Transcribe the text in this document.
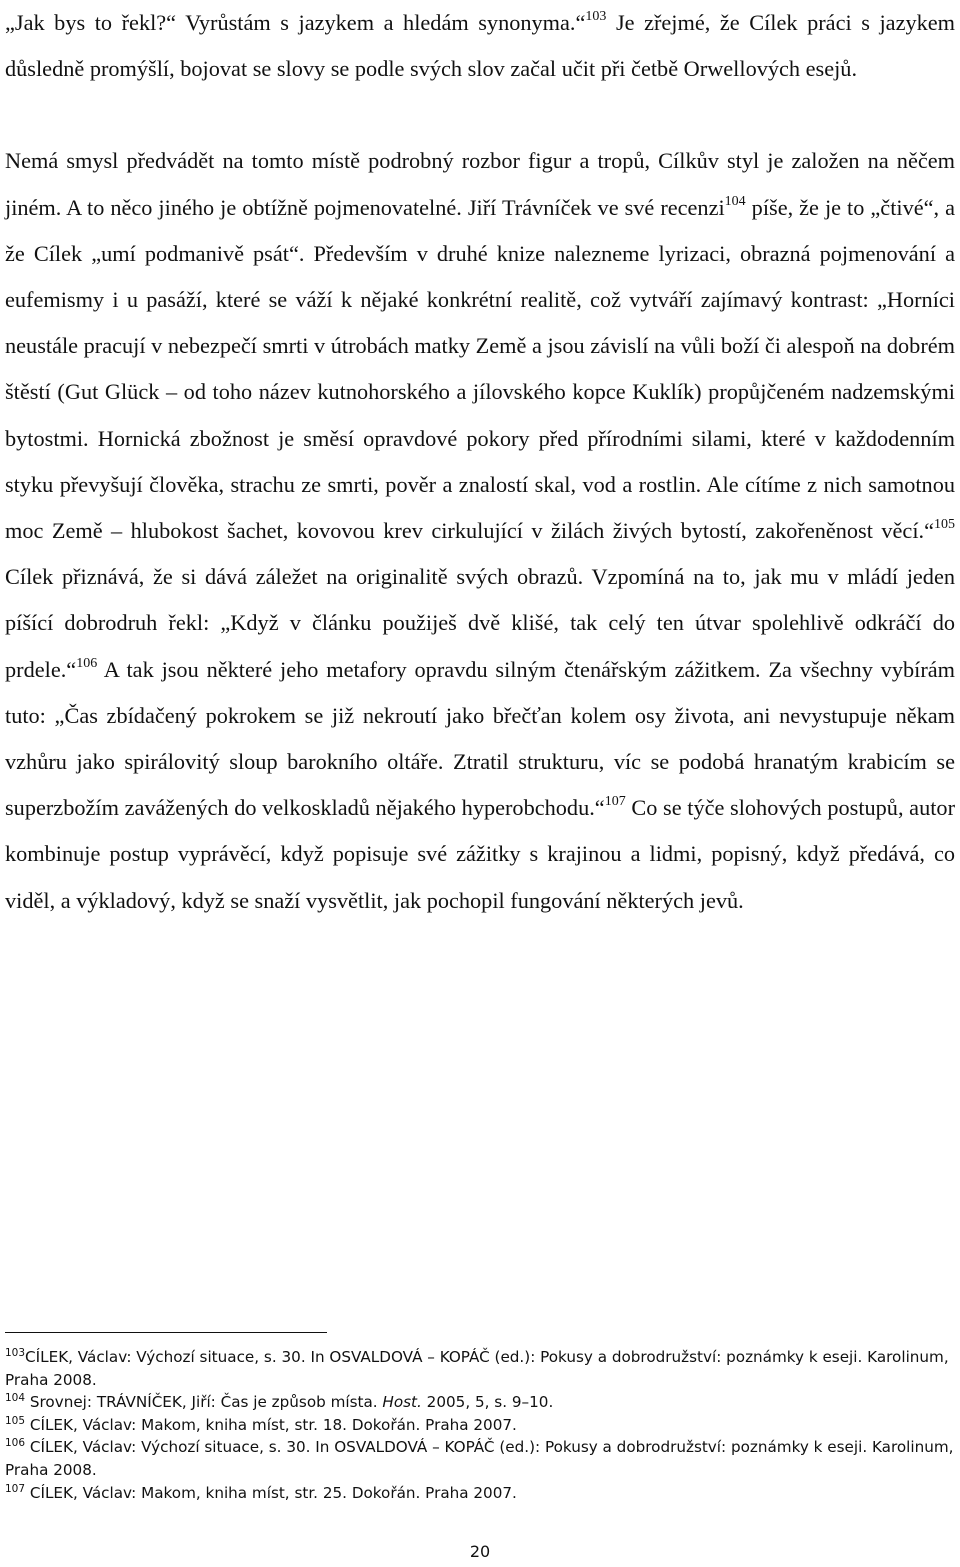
„Jak bys to řekl?“ Vyrůstám s jazykem a hledám synonyma.“$^{103}$ Je zřejmé, že Cílek práci s jazykem důsledně promýšlí, bojovat se slovy se podle svých slov začal učit při četbě Orwellových esejů.

Nemá smysl předvádět na tomto místě podrobný rozbor figur a tropů, Cílkův styl je založen na něčem jiném. A to něco jiného je obtížně pojmenovatelné. Jiří Trávníček ve své recenzi$^{104}$ píše, že je to „čtivé“, a že Cílek „umí podmanivě psát“. Především v druhé knize nalezneme lyrizaci, obrazná pojmenování a eufemismy i u pasáží, které se váží k nějaké konkrétní realitě, což vytváří zajímavý kontrast: „Horníci neustále pracují v nebezpečí smrti v útrobách matky Země a jsou závislí na vůli boží či alespoň na dobrém štěstí (Gut Glück – od toho název kutnohorského a jílovského kopce Kuklík) propůjčeném nadzemskými bytostmi. Hornická zbožnost je směsí opravdové pokory před přírodními silami, které v každodenním styku převyšují člověka, strachu ze smrti, pověr a znalostí skal, vod a rostlin. Ale cítíme z nich samotnou moc Země – hlubokost šachet, kovovou krev cirkulující v žilách živých bytostí, zakořeněnost věcí.“$^{105}$ Cílek přiznává, že si dává záležet na originalitě svých obrazů. Vzpomíná na to, jak mu v mládí jeden píšící dobrodruh řekl: „Když v článku použiješ dvě klišé, tak celý ten útvar spolehlivě odkráčí do prdele.“$^{106}$ A tak jsou některé jeho metafory opravdu silným čtenářským zážitkem. Za všechny vybírám tuto: „Čas zbídačený pokrokem se již nekroutí jako břečťan kolem osy života, ani nevystupuje někam vzhůru jako spirálovitý sloup barokního oltáře. Ztratil strukturu, víc se podobá hranatým krabicím se superzbožím zavážených do velkoskladů nějakého hyperobchodu.“$^{107}$ Co se týče slohových postupů, autor kombinuje postup vyprávěcí, když popisuje své zážitky s krajinou a lidmi, popisný, když předává, co viděl, a výkladový, když se snaží vysvětlit, jak pochopil fungování některých jevů.

$^{103}$CÍLEK, Václav: Výchozí situace, s. 30. In OSVALDOVÁ – KOPÁČ (ed.): Pokusy a dobrodružství: poznámky k eseji. Karolinum, Praha 2008.

$^{104}$ Srovnej: TRÁVNÍČEK, Jiří: Čas je způsob místa. Host. 2005, 5, s. 9–10.

$^{105}$ CÍLEK, Václav: Makom, kniha míst, str. 18. Dokořán. Praha 2007.

$^{106}$ CÍLEK, Václav: Výchozí situace, s. 30. In OSVALDOVÁ – KOPÁČ (ed.): Pokusy a dobrodružství: poznámky k eseji. Karolinum, Praha 2008.

$^{107}$ CÍLEK, Václav: Makom, kniha míst, str. 25. Dokořán. Praha 2007.

20
